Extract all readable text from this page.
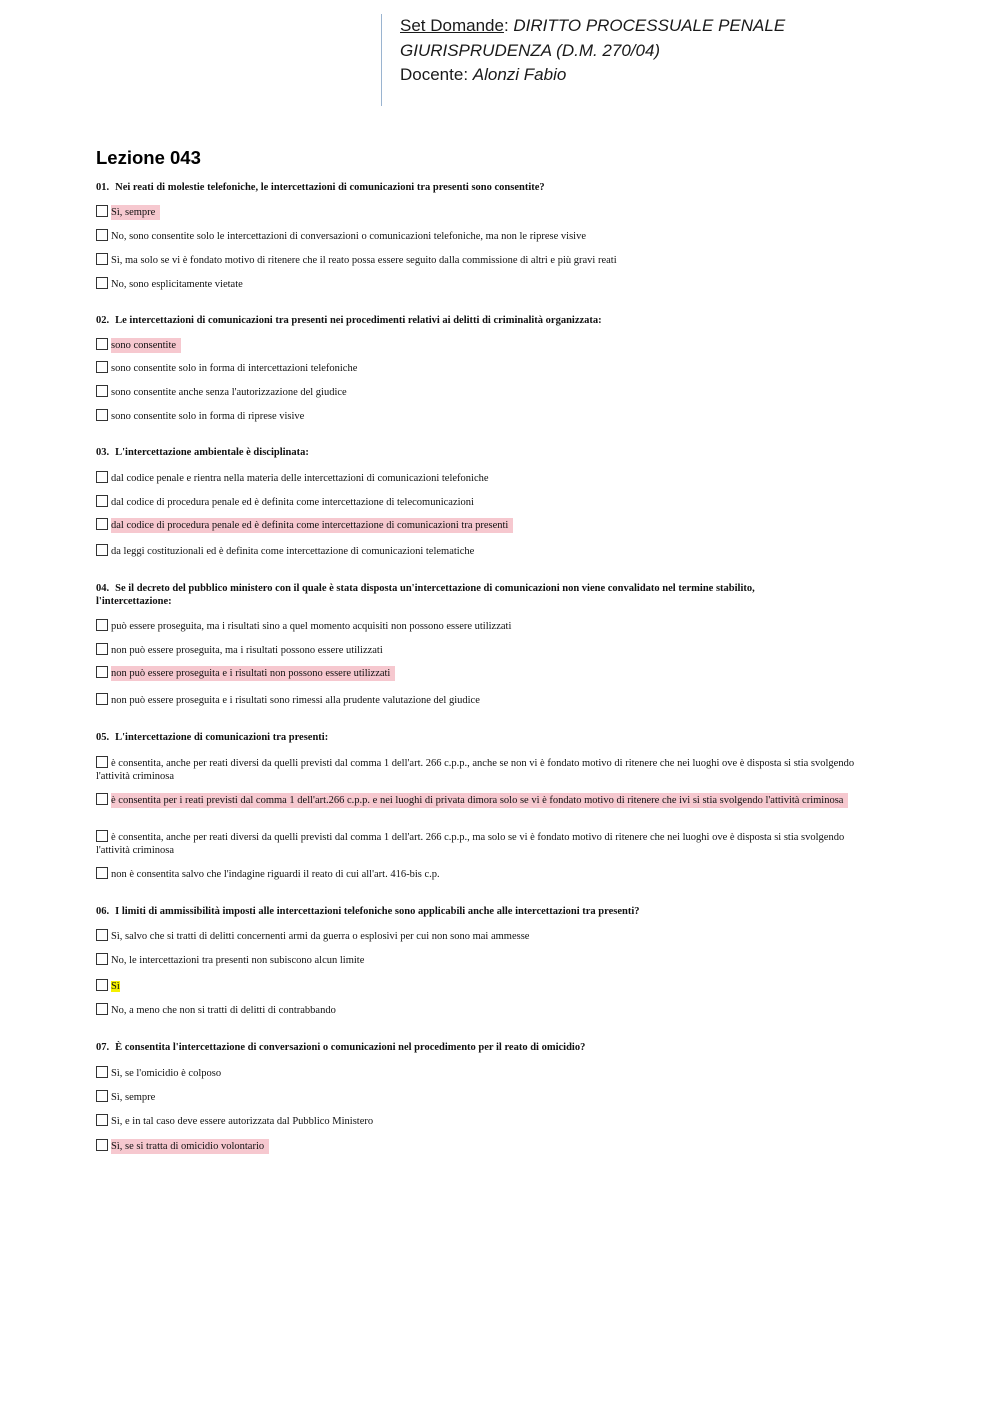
Set Domande: DIRITTO PROCESSUALE PENALE
GIURISPRUDENZA (D.M. 270/04)
Docente: Alonzi Fabio
Lezione 043
01. Nei reati di molestie telefoniche, le intercettazioni di comunicazioni tra presenti sono consentite?
Sì, sempre
No, sono consentite solo le intercettazioni di conversazioni o comunicazioni telefoniche, ma non le riprese visive
Sì, ma solo se vi è fondato motivo di ritenere che il reato possa essere seguito dalla commissione di altri e più gravi reati
No, sono esplicitamente vietate
02. Le intercettazioni di comunicazioni tra presenti nei procedimenti relativi ai delitti di criminalità organizzata:
sono consentite
sono consentite solo in forma di intercettazioni telefoniche
sono consentite anche senza l'autorizzazione del giudice
sono consentite solo in forma di riprese visive
03. L'intercettazione ambientale è disciplinata:
dal codice penale e rientra nella materia delle intercettazioni di comunicazioni telefoniche
dal codice di procedura penale ed è definita come intercettazione di telecomunicazioni
dal codice di procedura penale ed è definita come intercettazione di comunicazioni tra presenti
da leggi costituzionali ed è definita come intercettazione di comunicazioni telematiche
04. Se il decreto del pubblico ministero con il quale è stata disposta un'intercettazione di comunicazioni non viene convalidato nel termine stabilito, l'intercettazione:
può essere proseguita, ma i risultati sino a quel momento acquisiti non possono essere utilizzati
non può essere proseguita, ma i risultati possono essere utilizzati
non può essere proseguita e i risultati non possono essere utilizzati
non può essere proseguita e i risultati sono rimessi alla prudente valutazione del giudice
05. L'intercettazione di comunicazioni tra presenti:
è consentita, anche per reati diversi da quelli previsti dal comma 1 dell'art. 266 c.p.p., anche se non vi è fondato motivo di ritenere che nei luoghi ove è disposta si stia svolgendo l'attività criminosa
è consentita per i reati previsti dal comma 1 dell'art.266 c.p.p. e nei luoghi di privata dimora solo se vi è fondato motivo di ritenere che ivi si stia svolgendo l'attività criminosa
è consentita, anche per reati diversi da quelli previsti dal comma 1 dell'art. 266 c.p.p., ma solo se vi è fondato motivo di ritenere che nei luoghi ove è disposta si stia svolgendo l'attività criminosa
non è consentita salvo che l'indagine riguardi il reato di cui all'art. 416-bis c.p.
06. I limiti di ammissibilità imposti alle intercettazioni telefoniche sono applicabili anche alle intercettazioni tra presenti?
Sì, salvo che si tratti di delitti concernenti armi da guerra o esplosivi per cui non sono mai ammesse
No, le intercettazioni tra presenti non subiscono alcun limite
Sì
No, a meno che non si tratti di delitti di contrabbando
07. È consentita l'intercettazione di conversazioni o comunicazioni nel procedimento per il reato di omicidio?
Sì, se l'omicidio è colposo
Sì, sempre
Sì, e in tal caso deve essere autorizzata dal Pubblico Ministero
Sì, se si tratta di omicidio volontario
